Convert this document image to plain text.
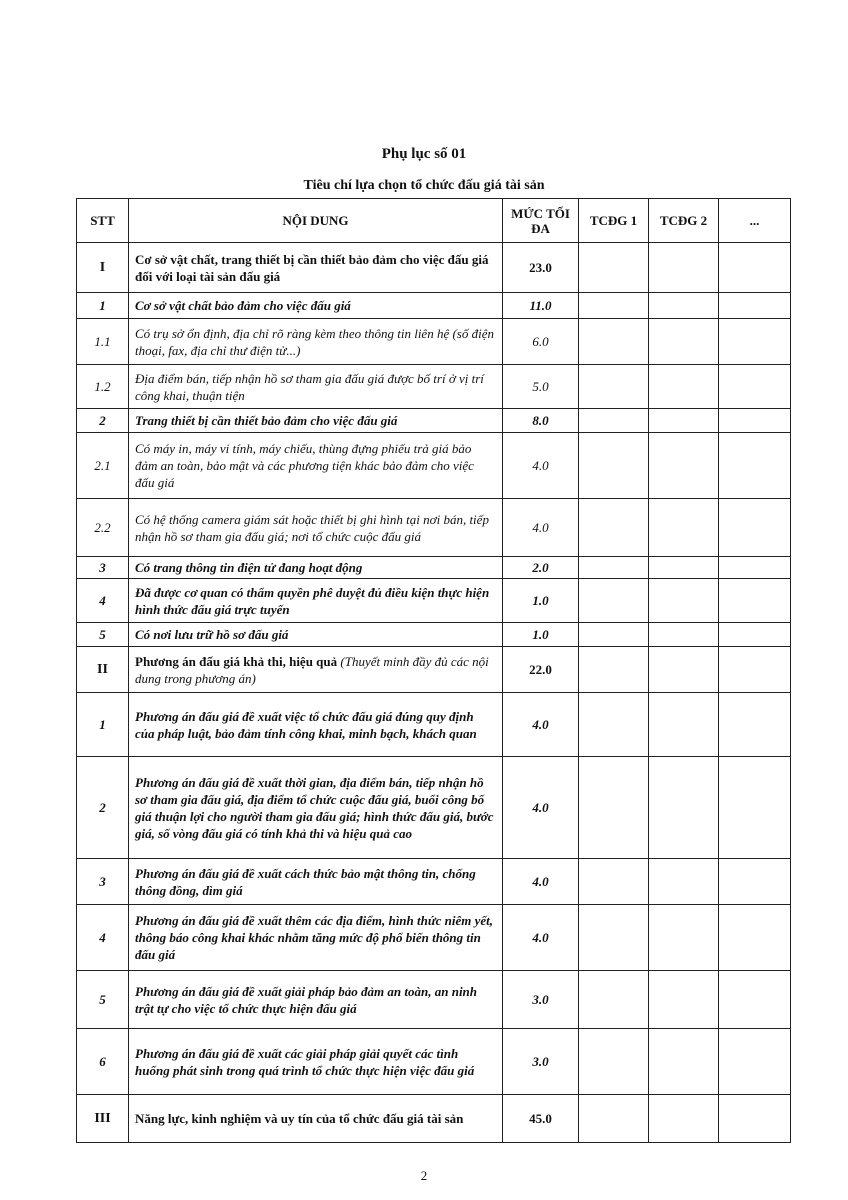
Phụ lục số 01
Tiêu chí lựa chọn tổ chức đấu giá tài sản
STT	NỘI DUNG	MỨC TỐI ĐA	TCĐG 1	TCĐG 2	...
I	Cơ sở vật chất, trang thiết bị cần thiết bảo đảm cho việc đấu giá đối với loại tài sản đấu giá	23.0			
1	Cơ sở vật chất bảo đảm cho việc đấu giá	11.0			
1.1	Có trụ sở ổn định, địa chỉ rõ ràng kèm theo thông tin liên hệ (số điện thoại, fax, địa chỉ thư điện tử...)	6.0			
1.2	Địa điểm bán, tiếp nhận hồ sơ tham gia đấu giá được bố trí ở vị trí công khai, thuận tiện	5.0			
2	Trang thiết bị cần thiết bảo đảm cho việc đấu giá	8.0			
2.1	Có máy in, máy vi tính, máy chiếu, thùng đựng phiếu trả giá bảo đảm an toàn, bảo mật và các phương tiện khác bảo đảm cho việc đấu giá	4.0			
2.2	Có hệ thống camera giám sát hoặc thiết bị ghi hình tại nơi bán, tiếp nhận hồ sơ tham gia đấu giá; nơi tổ chức cuộc đấu giá	4.0			
3	Có trang thông tin điện tử đang hoạt động	2.0			
4	Đã được cơ quan có thẩm quyền phê duyệt đủ điều kiện thực hiện hình thức đấu giá trực tuyến	1.0			
5	Có nơi lưu trữ hồ sơ đấu giá	1.0			
II	Phương án đấu giá khả thi, hiệu quả (Thuyết minh đầy đủ các nội dung trong phương án)	22.0			
1	Phương án đấu giá đề xuất việc tổ chức đấu giá đúng quy định của pháp luật, bảo đảm tính công khai, minh bạch, khách quan	4.0			
2	Phương án đấu giá đề xuất thời gian, địa điểm bán, tiếp nhận hồ sơ tham gia đấu giá, địa điểm tổ chức cuộc đấu giá, buổi công bố giá thuận lợi cho người tham gia đấu giá; hình thức đấu giá, bước giá, số vòng đấu giá có tính khả thi và hiệu quả cao	4.0			
3	Phương án đấu giá đề xuất cách thức bảo mật thông tin, chống thông đồng, dìm giá	4.0			
4	Phương án đấu giá đề xuất thêm các địa điểm, hình thức niêm yết, thông báo công khai khác nhằm tăng mức độ phổ biến thông tin đấu giá	4.0			
5	Phương án đấu giá đề xuất giải pháp bảo đảm an toàn, an ninh trật tự cho việc tổ chức thực hiện đấu giá	3.0			
6	Phương án đấu giá đề xuất các giải pháp giải quyết các tình huống phát sinh trong quá trình tổ chức thực hiện việc đấu giá	3.0			
III	Năng lực, kinh nghiệm và uy tín của tổ chức đấu giá tài sản	45.0			
2
